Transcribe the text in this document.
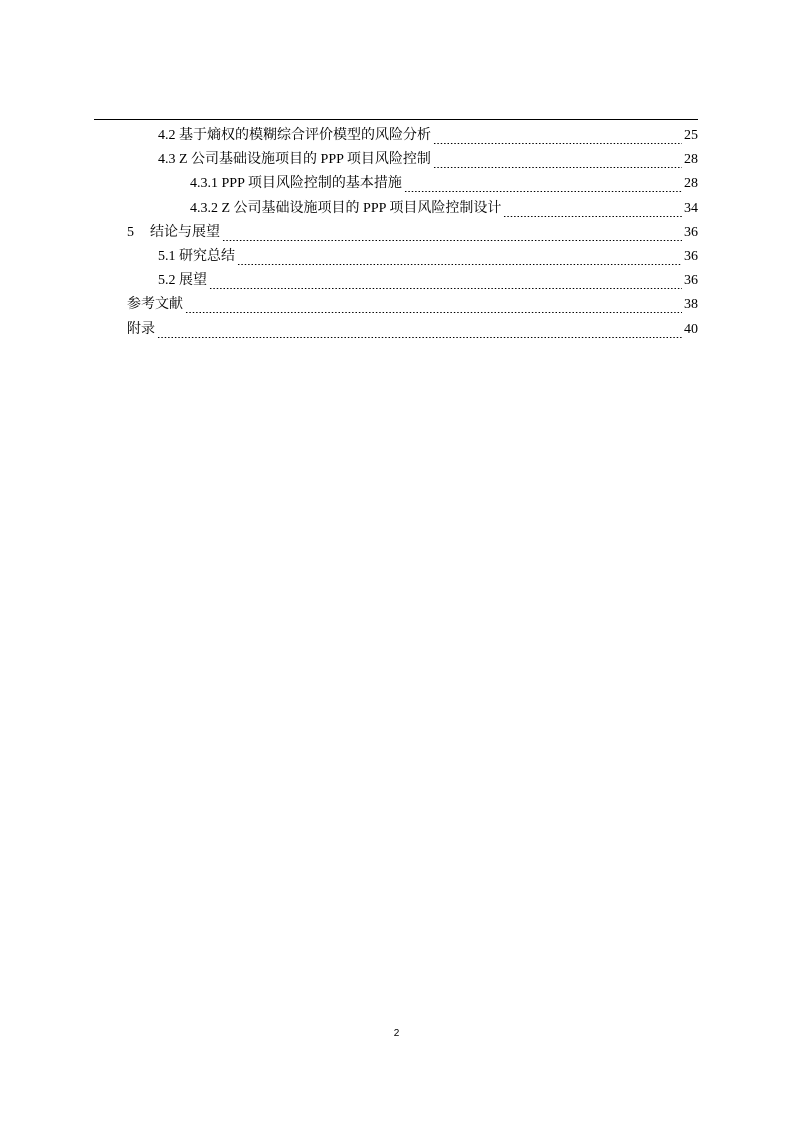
4.2 基于熵权的模糊综合评价模型的风险分析	25
4.3 Z 公司基础设施项目的 PPP 项目风险控制	28
4.3.1 PPP 项目风险控制的基本措施	28
4.3.2 Z 公司基础设施项目的 PPP 项目风险控制设计	34
5 结论与展望	36
5.1 研究总结	36
5.2 展望	36
参考文献	38
附录	40
2
